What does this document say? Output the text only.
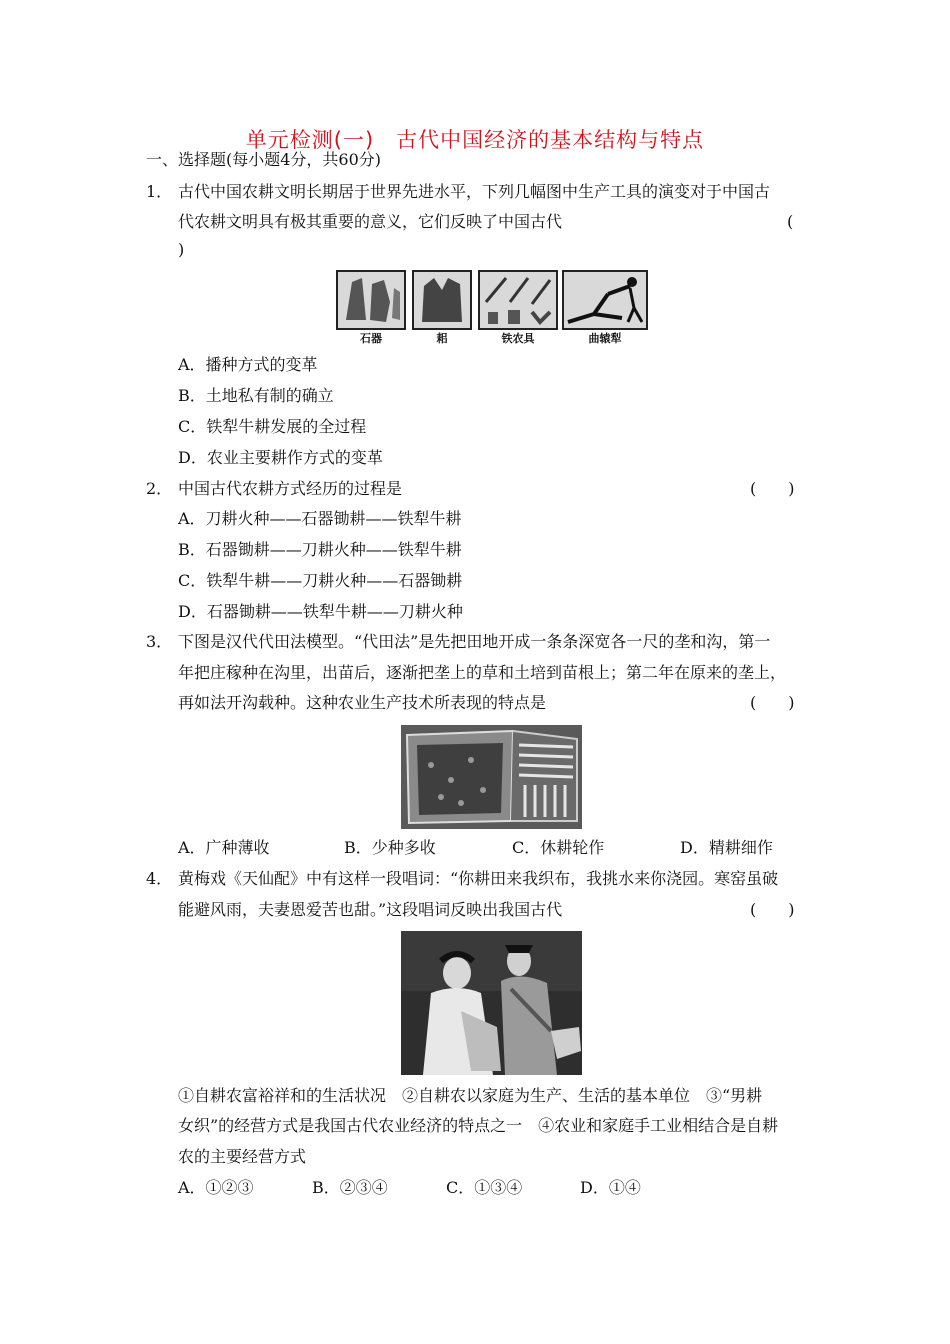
单元检测(一)　古代中国经济的基本结构与特点
一、选择题(每小题4分，共60分)
1． 古代中国农耕文明长期居于世界先进水平，下列几幅图中生产工具的演变对于中国古
代农耕文明具有极其重要的意义，它们反映了中国古代	(
)
石器	耜	铁农具	曲辕犁
A．播种方式的变革
B．土地私有制的确立
C．铁犁牛耕发展的全过程
D．农业主要耕作方式的变革
2． 中国古代农耕方式经历的过程是	(　　)
A．刀耕火种——石器锄耕——铁犁牛耕
B．石器锄耕——刀耕火种——铁犁牛耕
C．铁犁牛耕——刀耕火种——石器锄耕
D．石器锄耕——铁犁牛耕——刀耕火种
3． 下图是汉代代田法模型。“代田法”是先把田地开成一条条深宽各一尺的垄和沟，第一
年把庄稼种在沟里，出苗后，逐渐把垄上的草和土培到苗根上；第二年在原来的垄上，
再如法开沟载种。这种农业生产技术所表现的特点是	(　　)
A．广种薄收	B．少种多收	C．休耕轮作	D．精耕细作
4． 黄梅戏《天仙配》中有这样一段唱词：“你耕田来我织布，我挑水来你浇园。寒窑虽破
能避风雨，夫妻恩爱苦也甜。”这段唱词反映出我国古代	(　　)
①自耕农富裕祥和的生活状况　②自耕农以家庭为生产、生活的基本单位　③“男耕
女织”的经营方式是我国古代农业经济的特点之一　④农业和家庭手工业相结合是自耕
农的主要经营方式
A．①②③	B．②③④	C．①③④	D．①④
